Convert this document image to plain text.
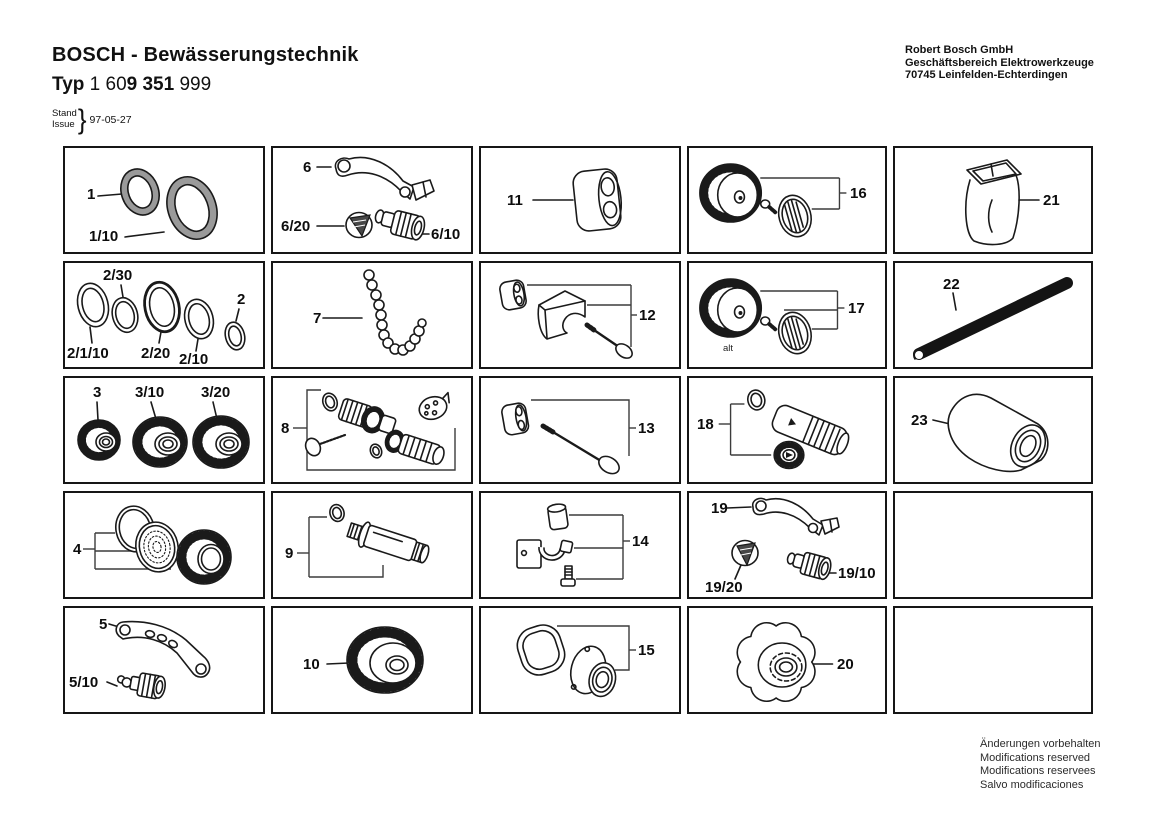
BOSCH - Bewässerungstechnik
Typ 1 609 351 999
Stand
Issue } 97-05-27
Robert Bosch GmbH
Geschäftsbereich Elektrowerkzeuge
70745 Leinfelden-Echterdingen
1
1/10
6
6/20	6/10
11	16	21
2/30
2
2/1/10 2/20 2/10
7	12	17
alt
22
3 3/10 3/20
8	13	18	23
4	9
14
19
19/20
19/10
5
5/10
10
15
20
Änderungen vorbehalten
Modifications reserved
Modifications reservees
Salvo modificaciones
